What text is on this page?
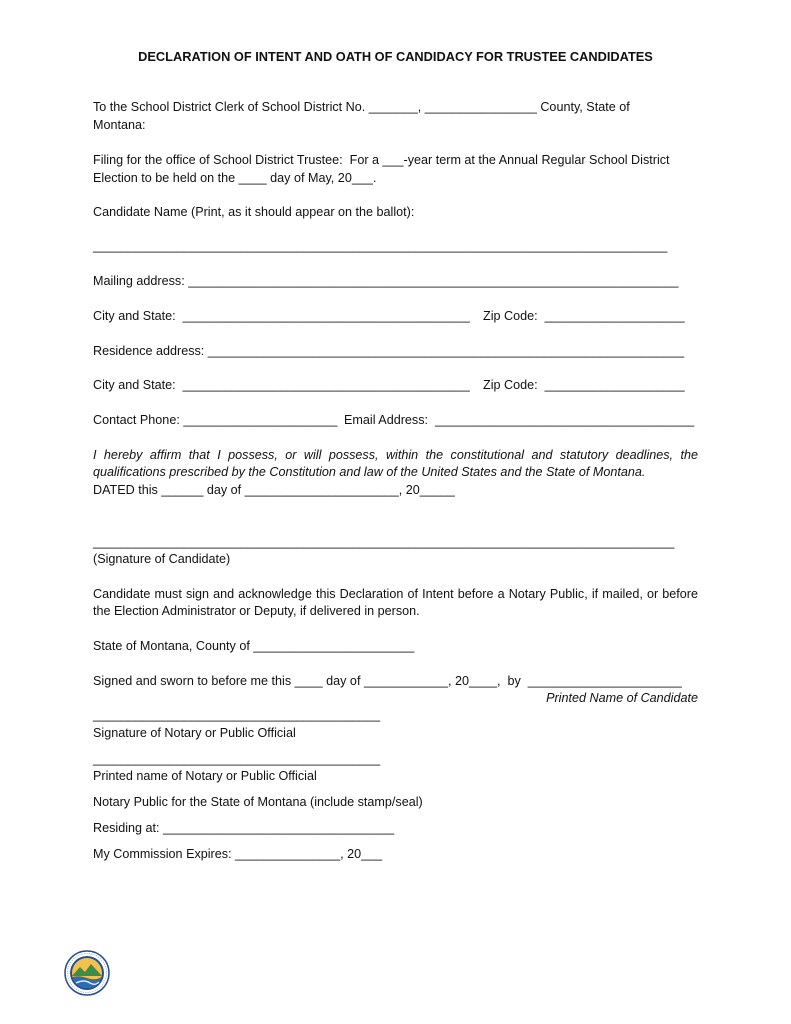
DECLARATION OF INTENT AND OATH OF CANDIDACY FOR TRUSTEE CANDIDATES
To the School District Clerk of School District No. _______, ________________ County, State of
Montana:
Filing for the office of School District Trustee:  For a ___-year term at the Annual Regular School District
Election to be held on the ____ day of May, 20___.
Candidate Name (Print, as it should appear on the ballot):
__________________________________________________________________________________
Mailing address: ______________________________________________________________________
City and State:  _________________________________________ Zip Code:  ____________________
Residence address: ____________________________________________________________________
City and State:  _________________________________________ Zip Code:  ____________________
Contact Phone: ______________________ Email Address:  _____________________________________
I hereby affirm that I possess, or will possess, within the constitutional and statutory deadlines, the qualifications prescribed by the Constitution and law of the United States and the State of Montana.
DATED this ______ day of ______________________, 20_____
___________________________________________________________________________________
(Signature of Candidate)
Candidate must sign and acknowledge this Declaration of Intent before a Notary Public, if mailed, or before the Election Administrator or Deputy, if delivered in person.
State of Montana, County of _______________________
Signed and sworn to before me this ____ day of ____________, 20____,  by  ______________________
Printed Name of Candidate
_________________________________________
Signature of Notary or Public Official
_________________________________________
Printed name of Notary or Public Official
Notary Public for the State of Montana (include stamp/seal)
Residing at: _________________________________
My Commission Expires: _______________, 20___
